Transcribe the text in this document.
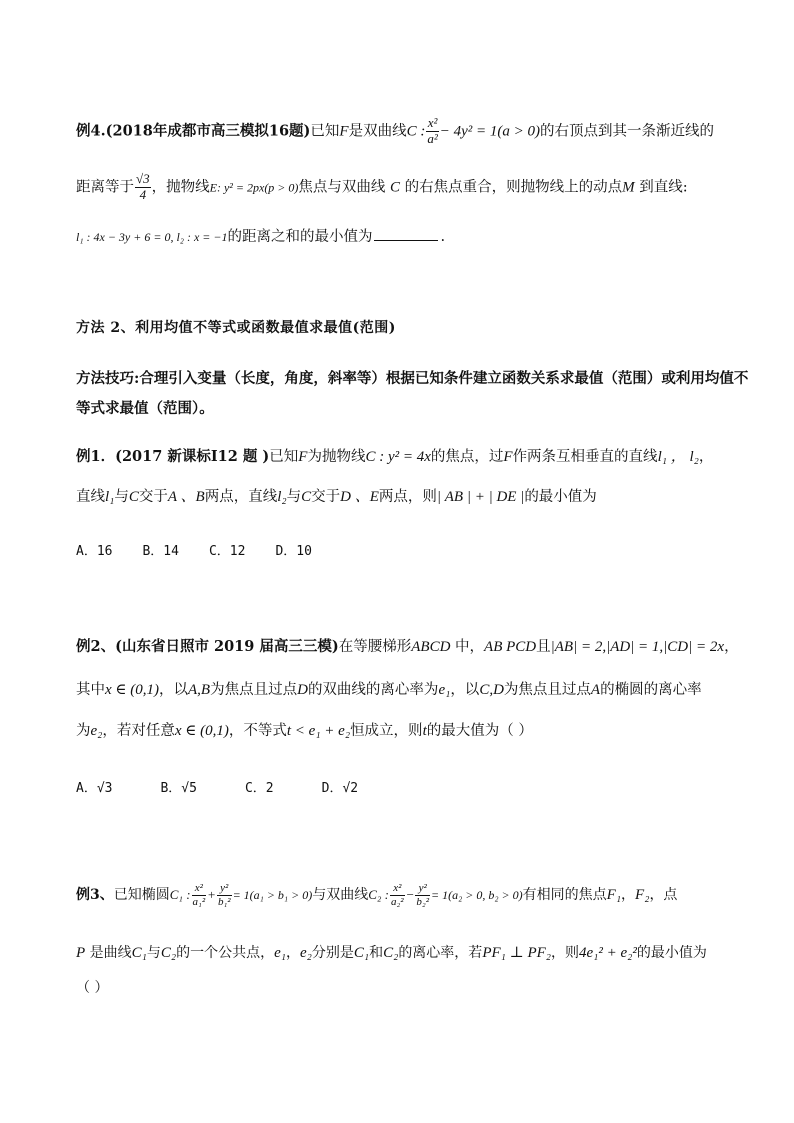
例4.(2018年成都市高三模拟16题)已知F是双曲线C : $\frac{\text{x²}}{\text{a²}} - 4y^2 = 1(a > 0)$的右顶点到其一条渐近线的
距离等于 $\frac{√3}{4}$ ，抛物线E: y² = 2px(p > 0)焦点与双曲线 C 的右焦点重合，则抛物线上的动点M 到直线:
l₁ : 4x − 3y + 6 = 0, l₂ : x = −1的距离之和的最小值为	.
方法 2、利用均值不等式或函数最值求最值(范围)
方法技巧:合理引入变量（长度，角度，斜率等）根据已知条件建立函数关系求最值（范围）或利用均值不
等式求最值（范围）。
例1．(2017 新课标Ⅰ12 题 )已知F为抛物线C : y² = 4x的焦点，过F作两条互相垂直的直线l₁ ， l₂，
直线l₁与C交于A 、B两点，直线l₂与C交于D 、E两点，则| AB | + | DE |的最小值为
A．16 B．14 C．12 D．10
例2、(山东省日照市 2019 届高三三模)在等腰梯形ABCD 中，AB PCD且|AB| = 2,|AD| = 1,|CD| = 2x，
其中x ∈ (0,1)，以A,B为焦点且过点D的双曲线的离心率为e₁，以C,D为焦点且过点A的椭圆的离心率
为e₂，若对任意x ∈ (0,1)，不等式t < e₁ + e₂恒成立，则t的最大值为（ ）
A．√3	B．√5	C．2	D．√2
例3、已知椭圆C₁ : $\frac{\text{x²}}{\text{a₁²}} + \frac{\text{y²}}{\text{b₁²}} = 1(a_1 > b_1 > 0)$与双曲线C₂ : $\frac{\text{x²}}{\text{a₂²}} - \frac{\text{y²}}{\text{b₂²}} = 1(a_2 > 0$, b₂ > 0)有相同的焦点F₁，F₂，点
P 是曲线C₁与C₂的一个公共点，e₁，e₂分别是C₁和C₂的离心率，若PF₁ ⊥ PF₂，则4e₁² + e₂²的最小值为
（ ）
